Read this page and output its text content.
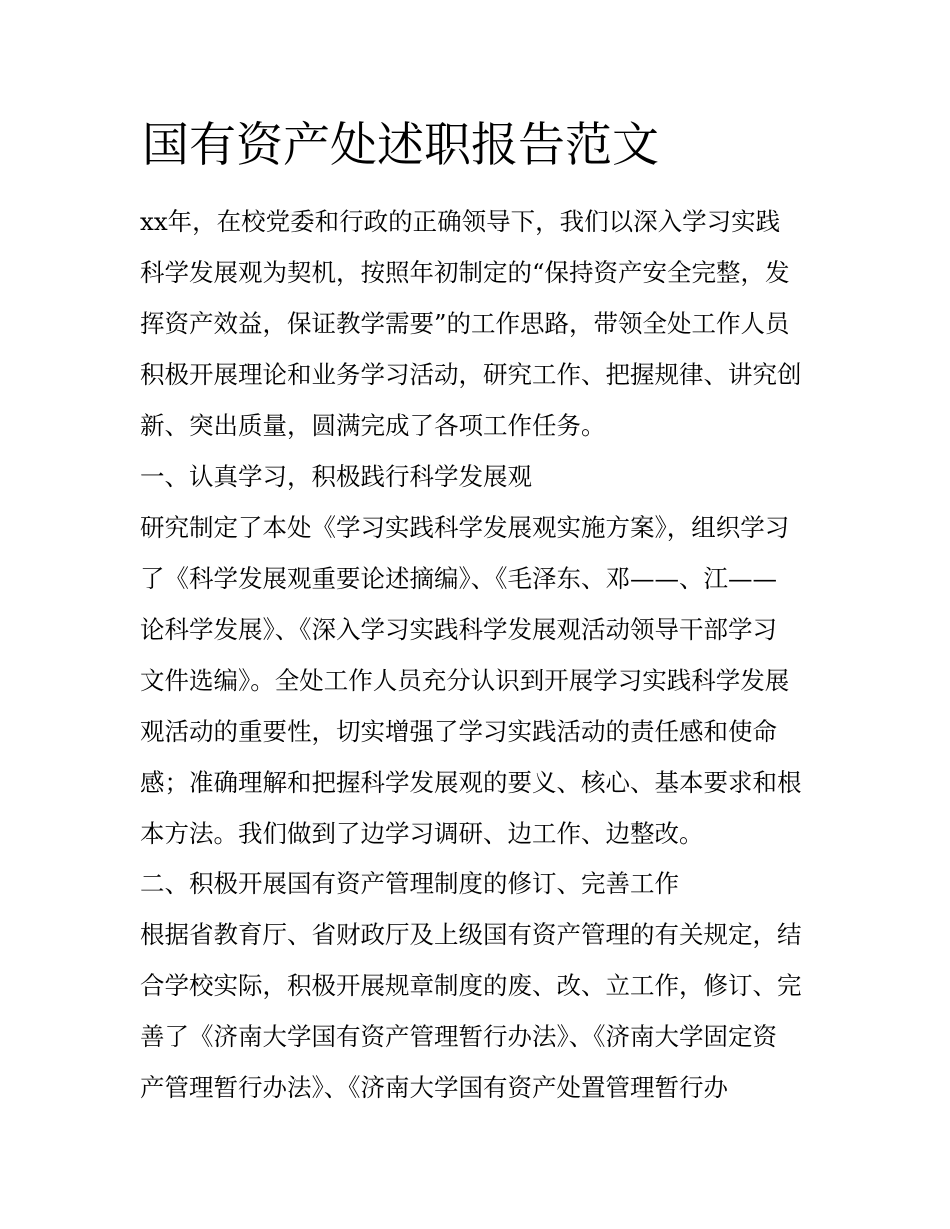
国有资产处述职报告范文

xx年，在校党委和行政的正确领导下，我们以深入学习实践

科学发展观为契机，按照年初制定的“保持资产安全完整，发

挥资产效益，保证教学需要”的工作思路，带领全处工作人员

积极开展理论和业务学习活动，研究工作、把握规律、讲究创

新、突出质量，圆满完成了各项工作任务。

一、认真学习，积极践行科学发展观

研究制定了本处《学习实践科学发展观实施方案》，组织学习

了《科学发展观重要论述摘编》、《毛泽东、邓——、江——

论科学发展》、《深入学习实践科学发展观活动领导干部学习

文件选编》。全处工作人员充分认识到开展学习实践科学发展

观活动的重要性，切实增强了学习实践活动的责任感和使命

感；准确理解和把握科学发展观的要义、核心、基本要求和根

本方法。我们做到了边学习调研、边工作、边整改。

二、积极开展国有资产管理制度的修订、完善工作

根据省教育厅、省财政厅及上级国有资产管理的有关规定，结

合学校实际，积极开展规章制度的废、改、立工作，修订、完

善了《济南大学国有资产管理暂行办法》、《济南大学固定资

产管理暂行办法》、《济南大学国有资产处置管理暂行办
